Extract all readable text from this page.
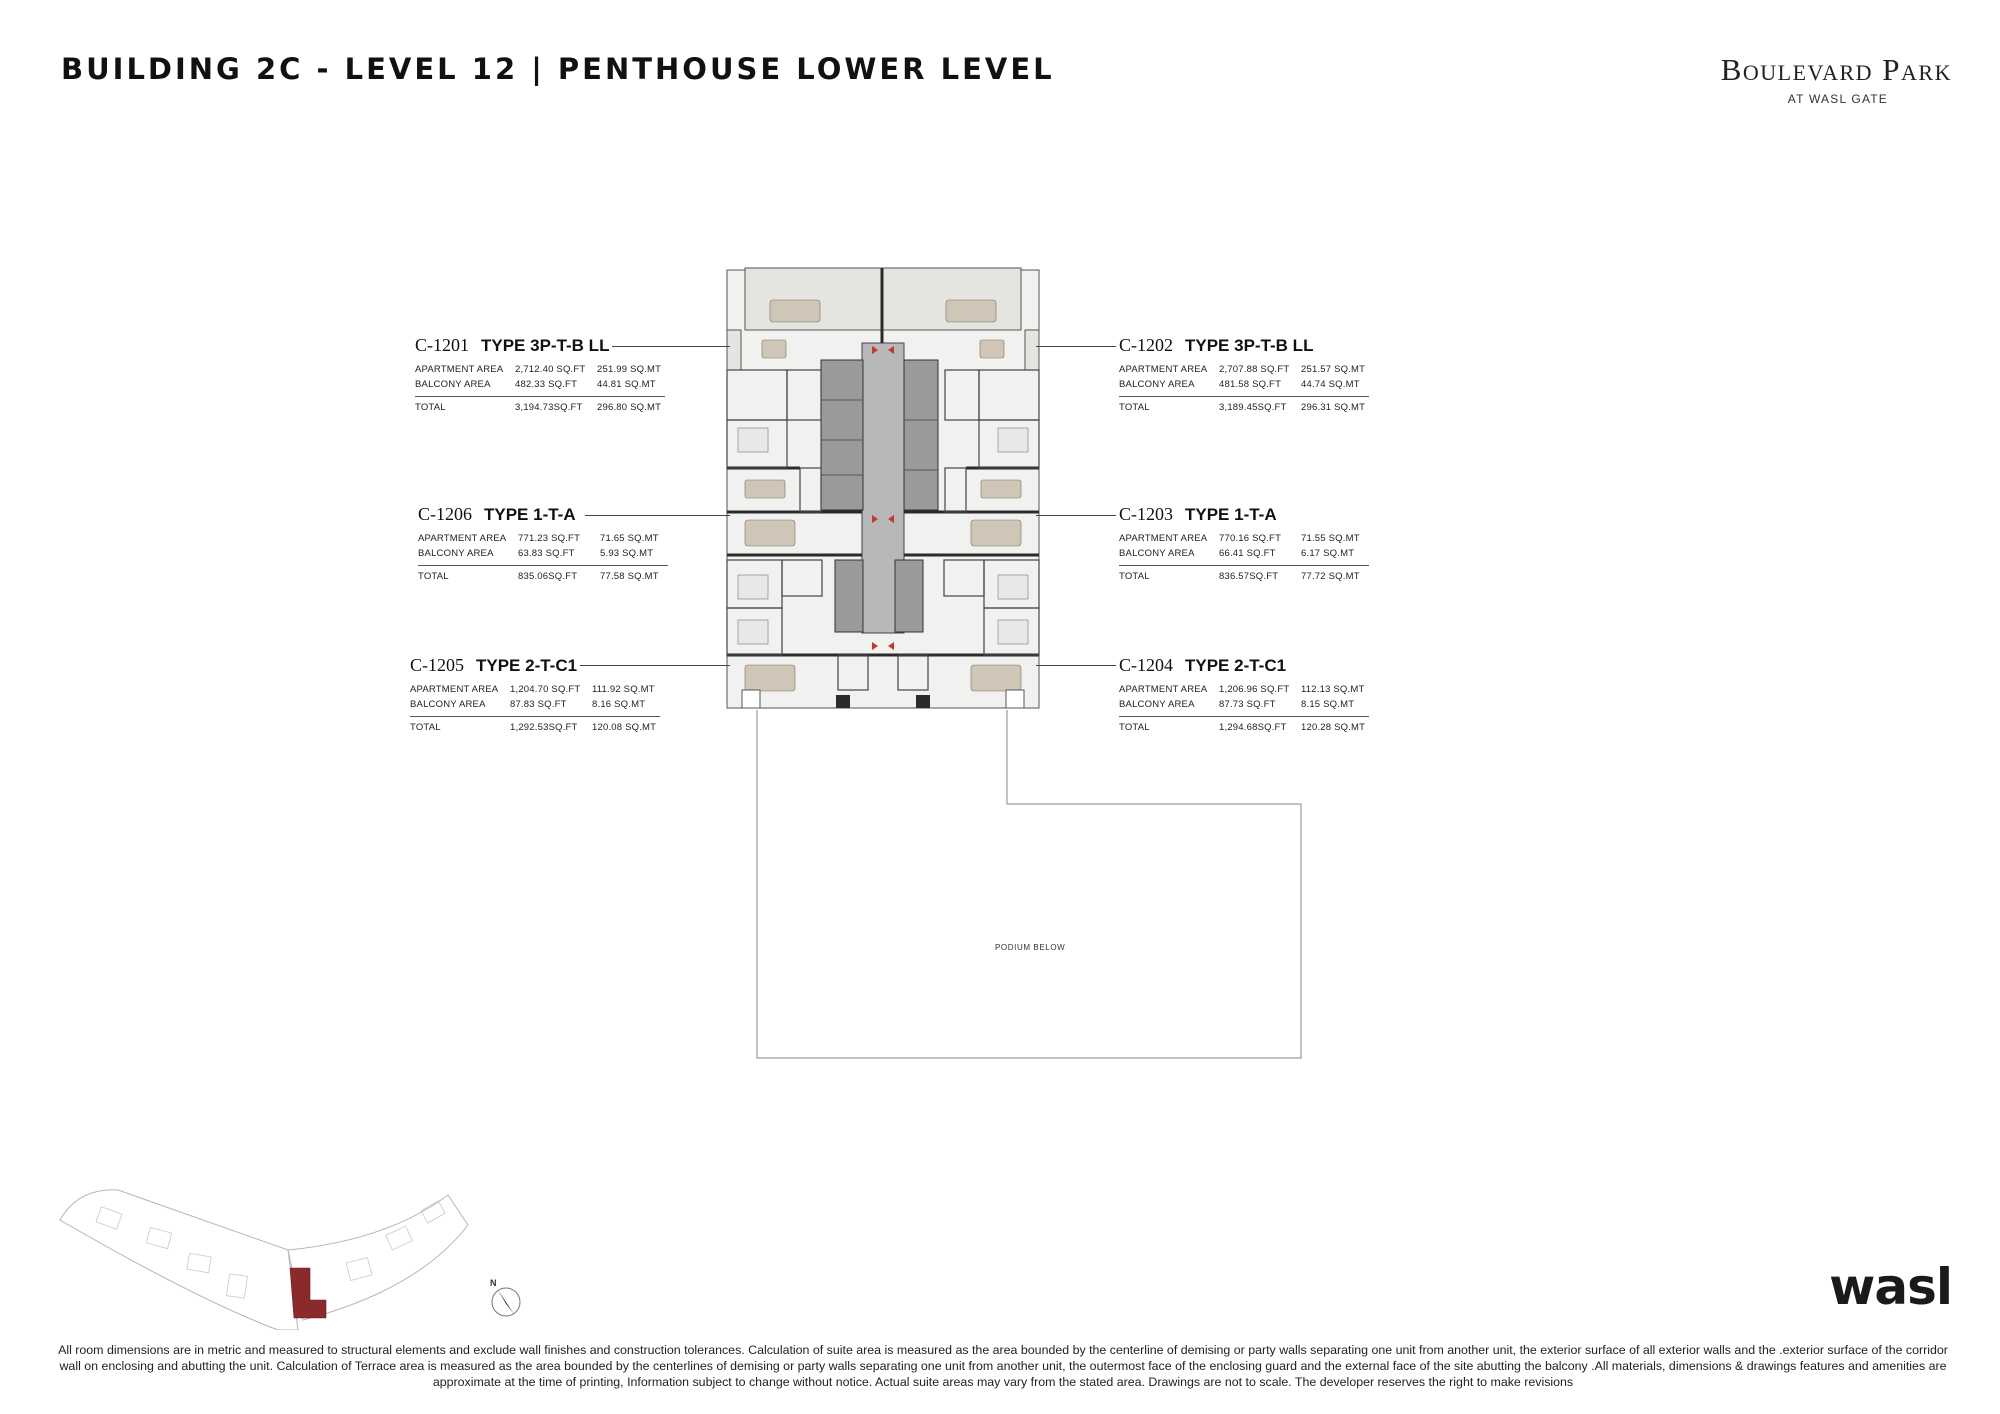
BUILDING 2C - LEVEL 12 | PENTHOUSE LOWER LEVEL	Boulevard Park
AT WASL GATE
C-1201 TYPE 3P-T-B LL
APARTMENT AREA	2,712.40 SQ.FT	251.99 SQ.MT
BALCONY AREA	482.33 SQ.FT	44.81 SQ.MT
TOTAL	3,194.73SQ.FT	296.80 SQ.MT
C-1202 TYPE 3P-T-B LL
APARTMENT AREA	2,707.88 SQ.FT	251.57 SQ.MT
BALCONY AREA	481.58 SQ.FT	44.74 SQ.MT
TOTAL	3,189.45SQ.FT	296.31 SQ.MT
C-1206 TYPE 1-T-A
APARTMENT AREA	771.23 SQ.FT	71.65 SQ.MT
BALCONY AREA	63.83 SQ.FT	5.93 SQ.MT
TOTAL	835.06SQ.FT	77.58 SQ.MT
C-1203 TYPE 1-T-A
APARTMENT AREA	770.16 SQ.FT	71.55 SQ.MT
BALCONY AREA	66.41 SQ.FT	6.17 SQ.MT
TOTAL	836.57SQ.FT	77.72 SQ.MT
C-1205 TYPE 2-T-C1
APARTMENT AREA	1,204.70 SQ.FT	111.92 SQ.MT
BALCONY AREA	87.83 SQ.FT	8.16 SQ.MT
TOTAL	1,292.53SQ.FT	120.08 SQ.MT
C-1204 TYPE 2-T-C1
APARTMENT AREA	1,206.96 SQ.FT	112.13 SQ.MT
BALCONY AREA	87.73 SQ.FT	8.15 SQ.MT
TOTAL	1,294.68SQ.FT	120.28 SQ.MT
PODIUM BELOW
N	wasl
All room dimensions are in metric and measured to structural elements and exclude wall finishes and construction tolerances. Calculation of suite area is measured as the area bounded by the centerline of demising or party walls separating one unit from another unit, the exterior surface of all exterior walls and the .exterior surface of the corridor wall on enclosing and abutting the unit. Calculation of Terrace area is measured as the area bounded by the centerlines of demising or party walls separating one unit from another unit, the outermost face of the enclosing guard and the external face of the site abutting the balcony .All materials, dimensions & drawings features and amenities are approximate at the time of printing, Information subject to change without notice. Actual suite areas may vary from the stated area. Drawings are not to scale. The developer reserves the right to make revisions
